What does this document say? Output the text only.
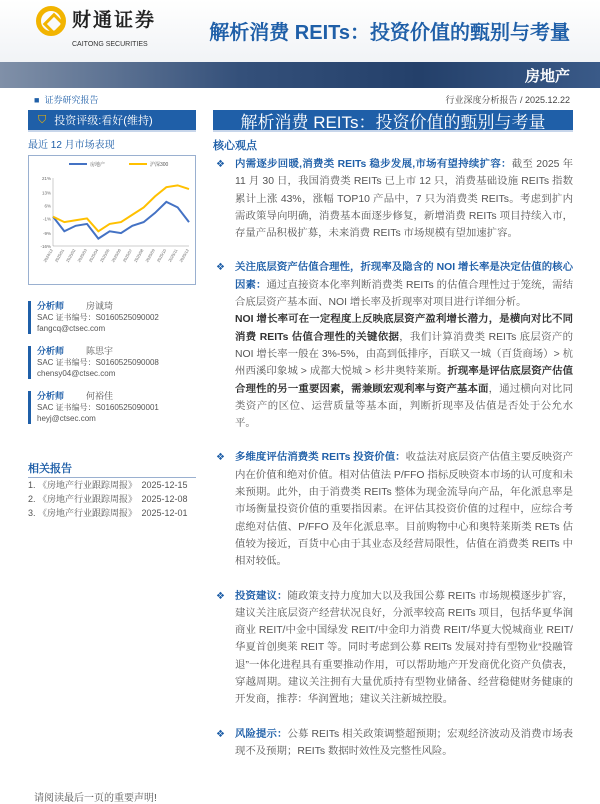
财通证券
CAITONG SECURITIES
解析消费 REITs：投资价值的甄别与考量
房地产
■ 证券研究报告	行业深度分析报告 / 2025.12.22
⛉ 投资评级:看好(维持)	解析消费 REITs：投资价值的甄别与考量
最近 12 月市场表现
-16%
-9%
-1%
6%
13%
21%
2024/12 2025/01 2025/02 2025/03 2025/04 2025/05 2025/06 2025/07 2025/08 2025/09 2025/10 2025/11 2025/12
房地产	沪深300
分析师 房诚琦
SAC 证书编号：S0160525090002
fangcq@ctsec.com
分析师 陈思宇
SAC 证书编号：S0160525090008
chensy04@ctsec.com
分析师 何裕佳
SAC 证书编号：S0160525090001
heyj@ctsec.com
相关报告
1. 《房地产行业跟踪周报》　2025-12-15
2. 《房地产行业跟踪周报》　2025-12-08
3. 《房地产行业跟踪周报》　2025-12-01
核心观点
❖ 内需逐步回暖,消费类 REITs 稳步发展,市场有望持续扩容：截至 2025 年 11 月 30 日，我国消费类 REITs 已上市 12 只，消费基础设施 REITs 指数累计上涨 43%，涨幅 TOP10 产品中，7 只为消费类 REITs。考虑到扩内需政策导向明确，消费基本面逐步修复，新增消费 REITs 项目持续入市，存量产品积极扩募，未来消费 REITs 市场规模有望加速扩容。
❖ 关注底层资产估值合理性，折现率及隐含的 NOI 增长率是决定估值的核心因素：通过直接资本化率判断消费类 REITs 的估值合理性过于笼统，需结合底层资产基本面、NOI 增长率及折现率对项目进行详细分析。
NOI 增长率可在一定程度上反映底层资产盈利增长潜力，是横向对比不同消费 REITs 估值合理性的关键依据，我们计算消费类 REITs 底层资产的 NOI 增长率一般在 3%-5%，由高到低排序，百联又一城（百货商场）> 杭州西溪印象城 > 成都大悦城 > 杉井奥特莱斯。折现率是评估底层资产估值合理性的另一重要因素，需兼顾宏观利率与资产基本面，通过横向对比同类资产的区位、运营质量等基本面，判断折现率及估值是否处于公允水平。
❖ 多维度评估消费类 REITs 投资价值：收益法对底层资产估值主要反映资产内在价值和绝对价值。相对估值法 P/FFO 指标反映资本市场的认可度和未来预期。此外，由于消费类 REITs 整体为现金流导向产品，年化派息率是市场衡量投资价值的重要指因素。在评估其投资价值的过程中，应综合考虑绝对估值、P/FFO 及年化派息率。目前购物中心和奥特莱斯类 RETs 估值较为接近，百货中心由于其业态及经营局限性，估值在消费类 REITs 中相对较低。
❖ 投资建议：随政策支持力度加大以及我国公募 REITs 市场规模逐步扩容，建议关注底层资产经营状况良好，分派率较高 REITs 项目，包括华夏华润商业 REIT/中金中国绿发 REIT/中金印力消费 REIT/华夏大悦城商业 REIT/华夏首创奥莱 REIT 等。同时考虑到公募 REITs 发展对持有型物业“投融管退”一体化进程具有重要推动作用，可以帮助地产开发商优化资产负债表，穿越周期。建议关注拥有大量优质持有型物业储备、经营稳健财务健康的开发商，推荐：华润置地；建议关注新城控股。
❖ 风险提示：公募 REITs 相关政策调整超预期；宏观经济波动及消费市场表现不及预期；REITs 数据时效性及完整性风险。
请阅读最后一页的重要声明!
